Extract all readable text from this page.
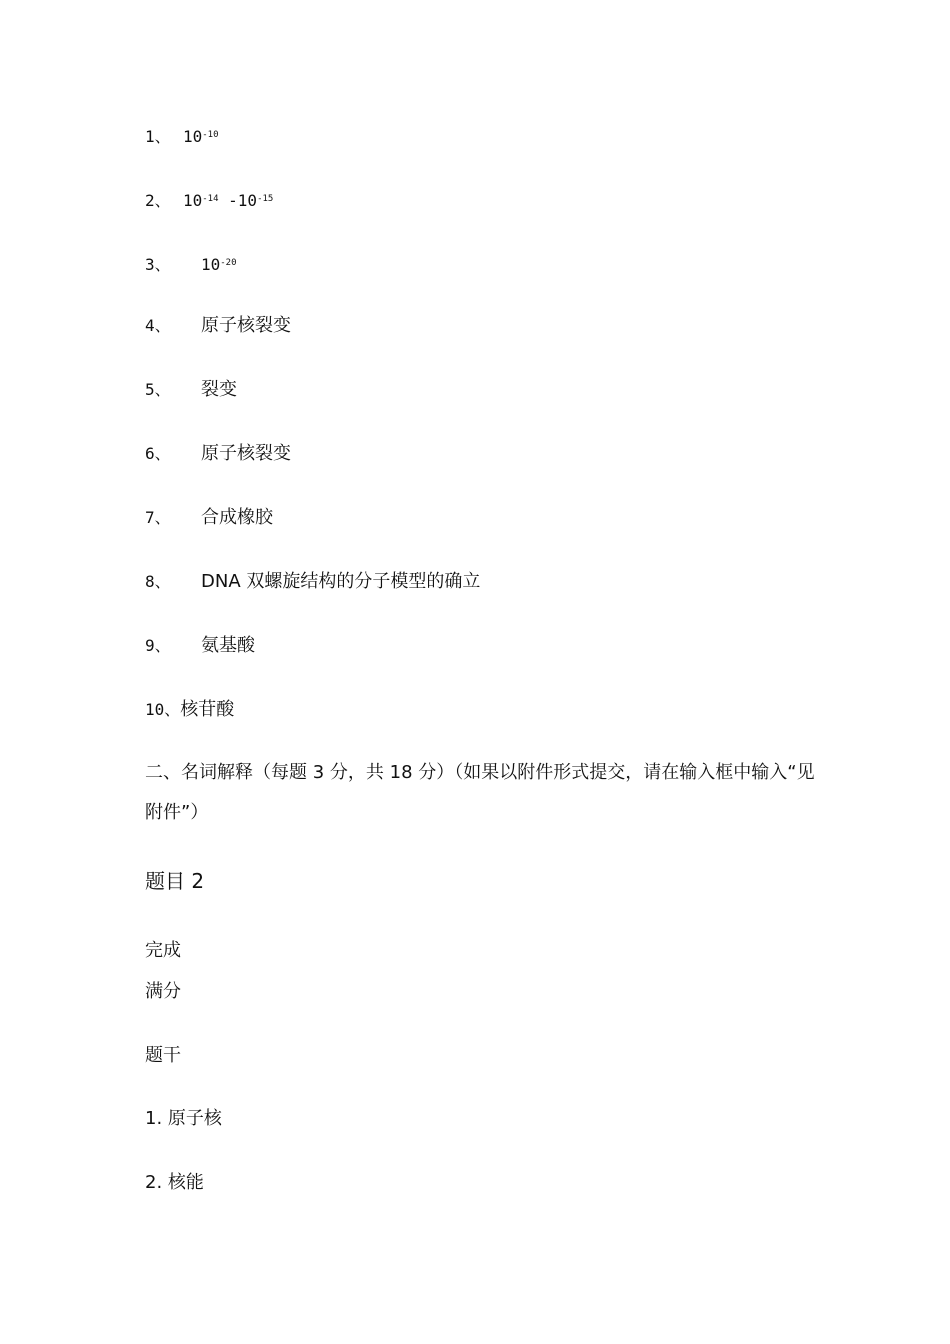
1、 $10^{-10}$
2、 $10^{-14}$ $-10^{-15}$
3、 $10^{-20}$
4、 原子核裂变
5、 裂变
6、 原子核裂变
7、 合成橡胶
8、 DNA 双螺旋结构的分子模型的确立
9、 氨基酸
10、核苷酸
二、名词解释（每题 3 分，共 18 分）（如果以附件形式提交，请在输入框中输入“见附件”）
题目 2
完成
满分
题干
1. 原子核
2. 核能
